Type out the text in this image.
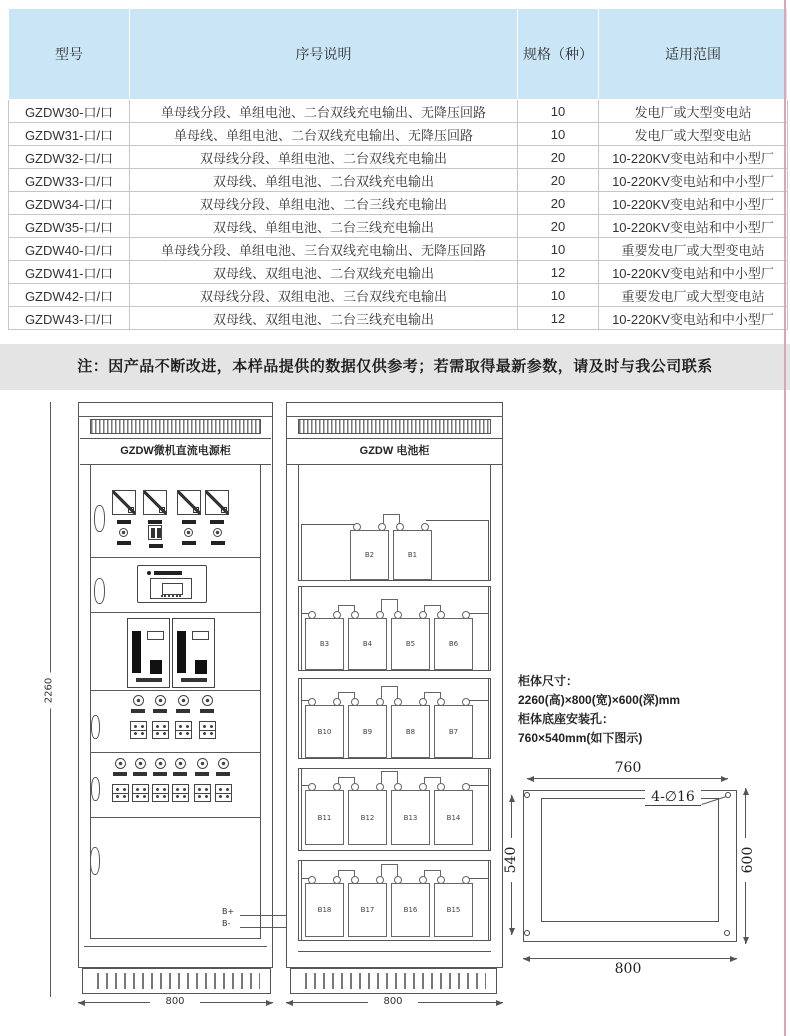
型号	序号说明	规格（种）	适用范围
GZDW30-口/口	单母线分段、单组电池、二台双线充电输出、无降压回路	10	发电厂或大型变电站
GZDW31-口/口	单母线、单组电池、二台双线充电输出、无降压回路	10	发电厂或大型变电站
GZDW32-口/口	双母线分段、单组电池、二台双线充电输出	20	10-220KV变电站和中小型厂
GZDW33-口/口	双母线、单组电池、二台双线充电输出	20	10-220KV变电站和中小型厂
GZDW34-口/口	双母线分段、单组电池、二台三线充电输出	20	10-220KV变电站和中小型厂
GZDW35-口/口	双母线、单组电池、二台三线充电输出	20	10-220KV变电站和中小型厂
GZDW40-口/口	单母线分段、单组电池、三台双线充电输出、无降压回路	10	重要发电厂或大型变电站
GZDW41-口/口	双母线、双组电池、二台双线充电输出	12	10-220KV变电站和中小型厂
GZDW42-口/口	双母线分段、双组电池、三台双线充电输出	10	重要发电厂或大型变电站
GZDW43-口/口	双母线、双组电池、二台三线充电输出	12	10-220KV变电站和中小型厂
注：因产品不断改进，本样品提供的数据仅供参考；若需取得最新参数，请及时与我公司联系
GZDW微机直流电源柜
B+
B-
GZDW 电池柜
B2	B1
B3	B4	B5	B6
B10	B9	B8	B7
B11	B12	B13	B14
B18	B17	B16	B15
2260
800	800
柜体尺寸：
2260(高)×800(宽)×600(深)mm
柜体底座安装孔：
760×540mm(如下图示)
4-∅16
760
800
540	600
